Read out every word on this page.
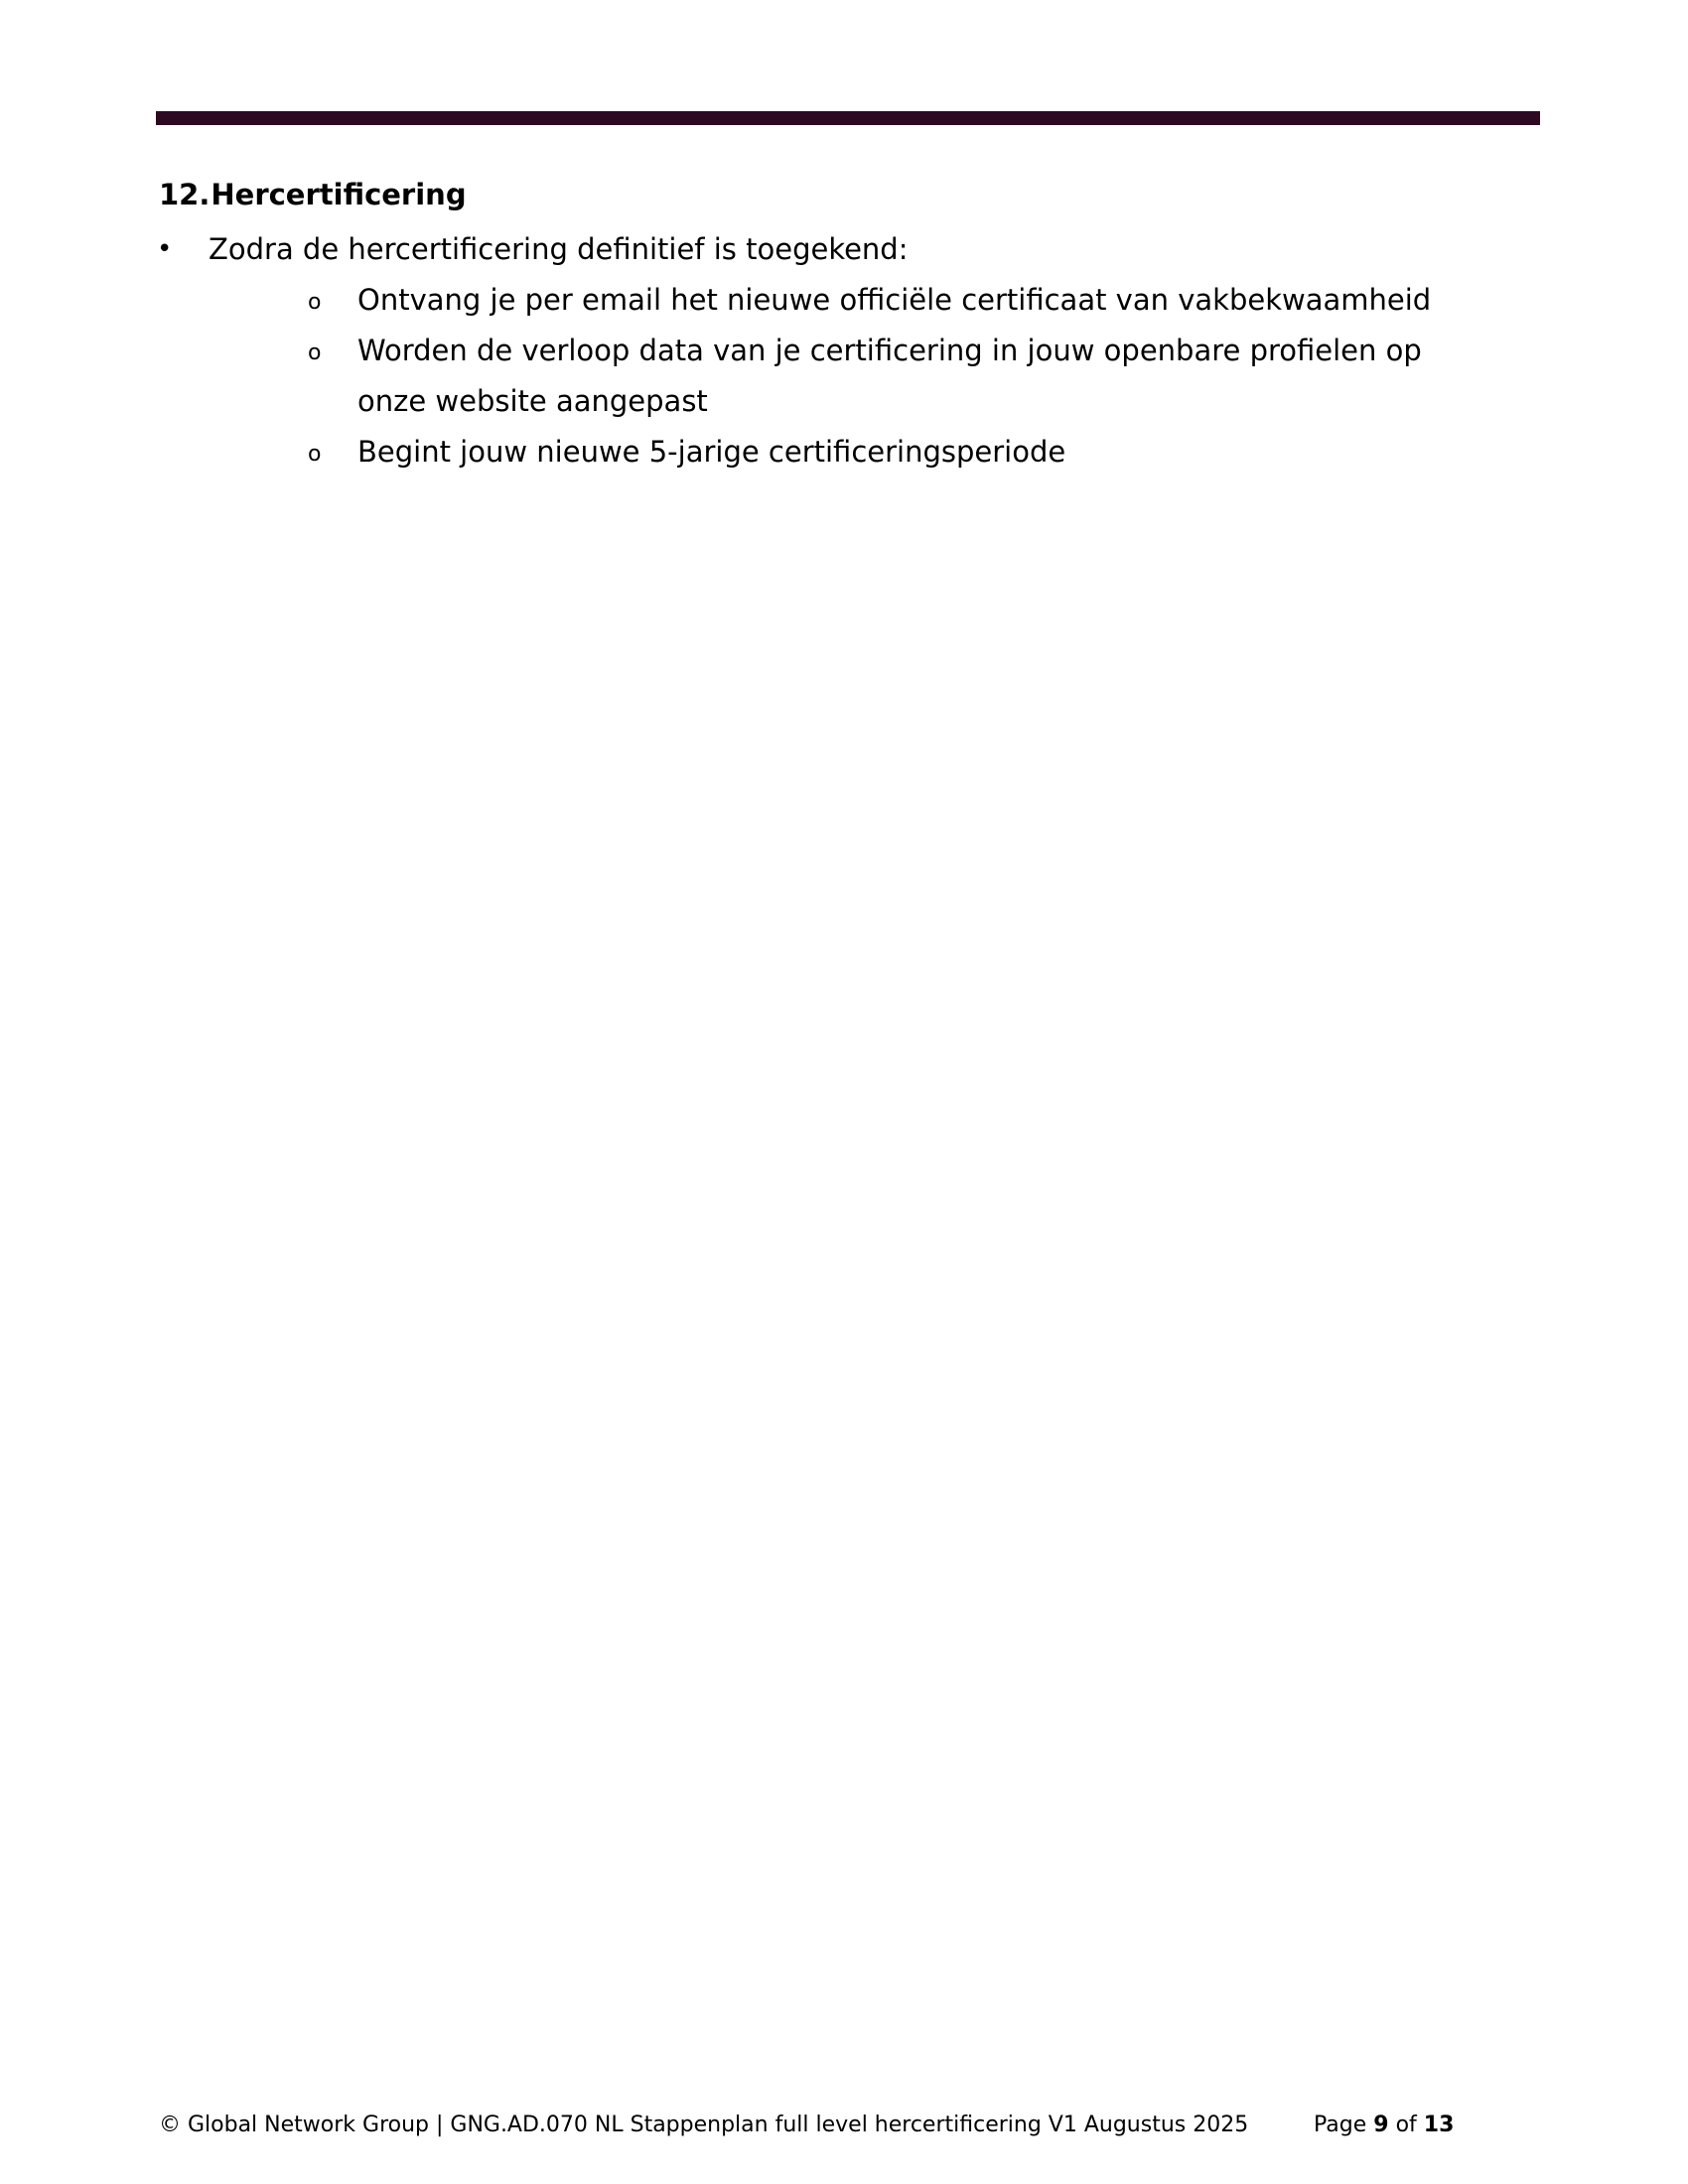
12.Hercertificering
• Zodra de hercertificering definitief is toegekend:
o Ontvang je per email het nieuwe officiële certificaat van vakbekwaamheid
o Worden de verloop data van je certificering in jouw openbare profielen op onze website aangepast
o Begint jouw nieuwe 5-jarige certificeringsperiode
© Global Network Group | GNG.AD.070 NL Stappenplan full level hercertificering V1 Augustus 2025	Page 9 of 13
